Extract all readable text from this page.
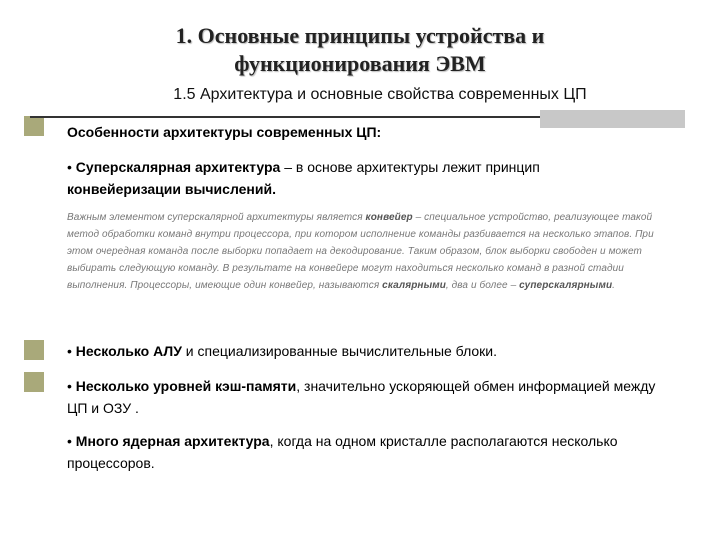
1. Основные принципы устройства и
функционирования ЭВМ
1.5 Архитектура и основные свойства современных ЦП
Особенности архитектуры современных ЦП:
• Суперскалярная архитектура – в основе архитектуры лежит принцип
конвейеризации вычислений.
Важным элементом суперскалярной архитектуры является конвейер – специальное устройство, реализующее такой метод обработки команд внутри процессора, при котором исполнение команды разбивается на несколько этапов. При этом очередная команда после выборки попадает на декодирование. Таким образом, блок выборки свободен и может выбирать следующую команду. В результате на конвейере могут находиться несколько команд в разной стадии выполнения. Процессоры, имеющие один конвейер, называются скалярными, два и более – суперскалярными.
• Несколько АЛУ и специализированные вычислительные блоки.
• Несколько уровней кэш-памяти, значительно ускоряющей обмен информацией между ЦП и ОЗУ .
• Много ядерная архитектура, когда на одном кристалле располагаются несколько процессоров.
